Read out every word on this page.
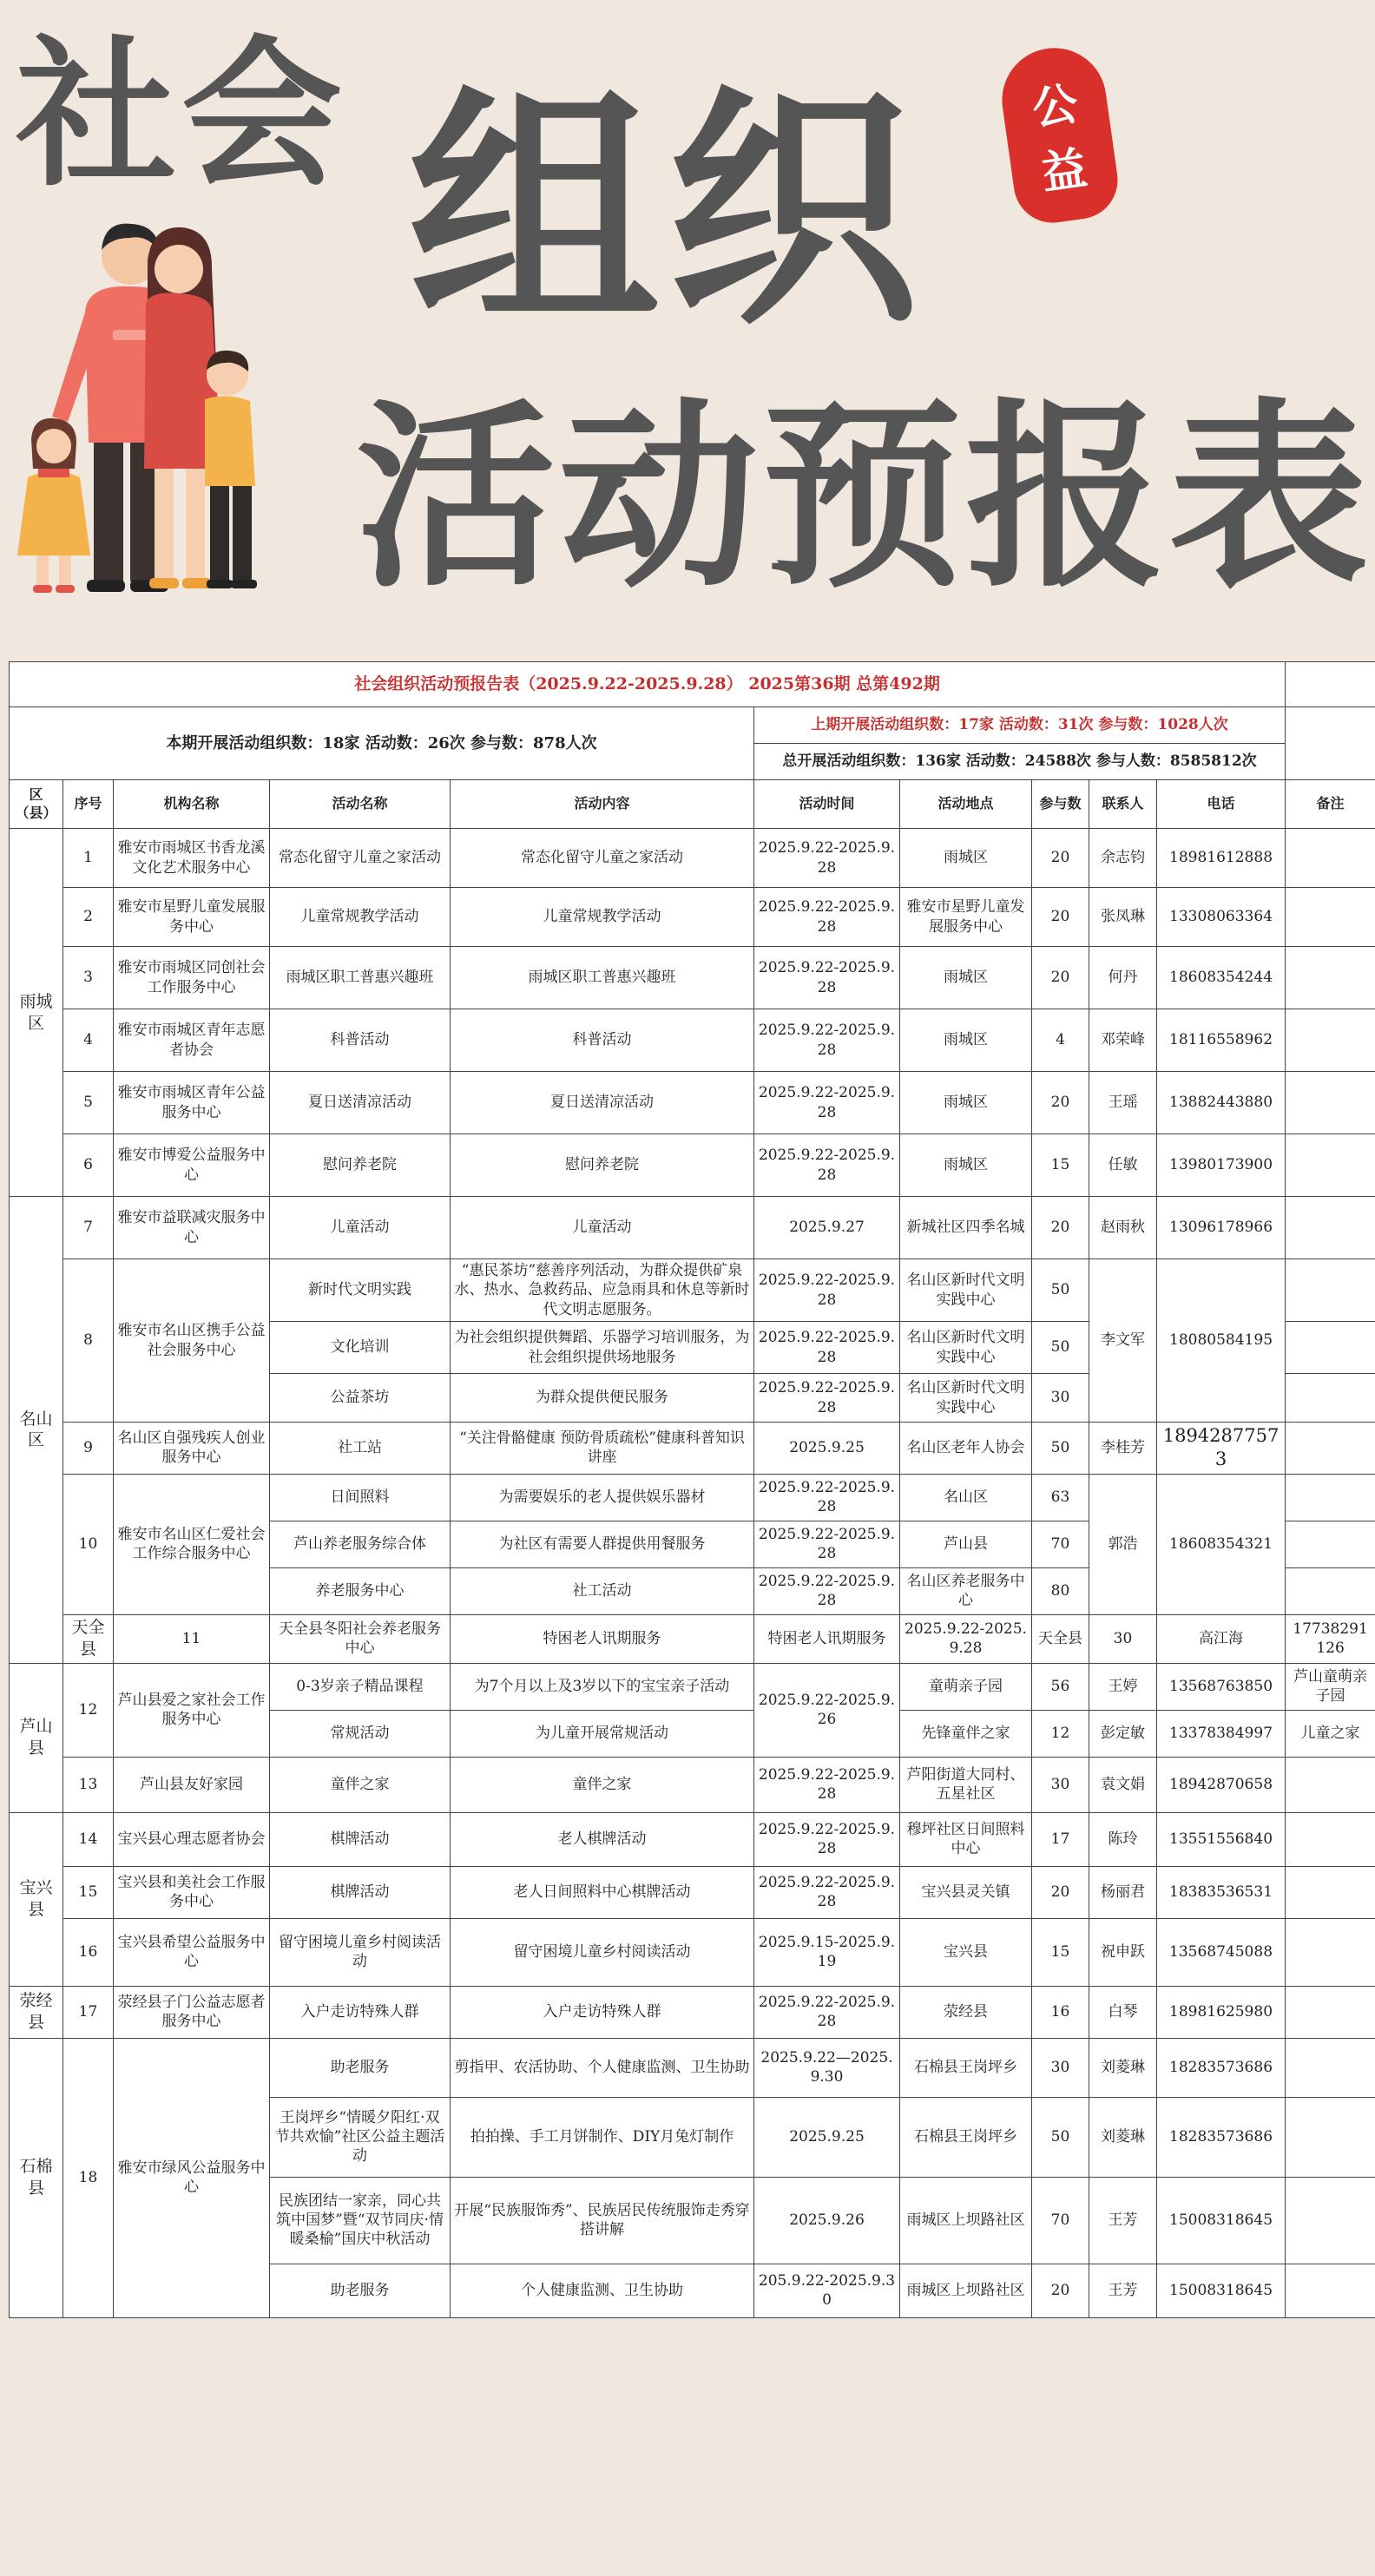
社会 组织
活动预报表
公
益
社会组织活动预报告表（2025.9.22-2025.9.28） 2025第36期 总第492期											
本期开展活动组织数：18家 活动数：26次 参与数：878人次					上期开展活动组织数：17家 活动数：31次 参与数：1028人次						
					总开展活动组织数：136家 活动数：24588次 参与人数：8585812次						
区（县）	序号	机构名称	活动名称	活动内容	活动时间	活动地点	参与数	联系人	电话	备注	
雨城区	1	雅安市雨城区书香龙溪文化艺术服务中心	常态化留守儿童之家活动	常态化留守儿童之家活动	2025.9.22-2025.9.28	雨城区	20	余志钧	18981612888		
	2	雅安市星野儿童发展服务中心	儿童常规教学活动	儿童常规教学活动	2025.9.22-2025.9.28	雅安市星野儿童发展服务中心	20	张凤琳	13308063364		
	3	雅安市雨城区同创社会工作服务中心	雨城区职工普惠兴趣班	雨城区职工普惠兴趣班	2025.9.22-2025.9.28	雨城区	20	何丹	18608354244		
	4	雅安市雨城区青年志愿者协会	科普活动	科普活动	2025.9.22-2025.9.28	雨城区	4	邓荣峰	18116558962		
	5	雅安市雨城区青年公益服务中心	夏日送清凉活动	夏日送清凉活动	2025.9.22-2025.9.28	雨城区	20	王瑶	13882443880		
	6	雅安市博爱公益服务中心	慰问养老院	慰问养老院	2025.9.22-2025.9.28	雨城区	15	任敏	13980173900		
名山区	7	雅安市益联减灾服务中心	儿童活动	儿童活动	2025.9.27	新城社区四季名城	20	赵雨秋	13096178966		
	8	雅安市名山区携手公益社会服务中心	新时代文明实践	“惠民茶坊”慈善序列活动，为群众提供矿泉水、热水、急救药品、应急雨具和休息等新时代文明志愿服务。	2025.9.22-2025.9.28	名山区新时代文明实践中心	50	李文军	18080584195		
			文化培训	为社会组织提供舞蹈、乐器学习培训服务，为社会组织提供场地服务	2025.9.22-2025.9.28	名山区新时代文明实践中心	50				
			公益茶坊	为群众提供便民服务	2025.9.22-2025.9.28	名山区新时代文明实践中心	30				
	9	名山区自强残疾人创业服务中心	社工站	“关注骨骼健康 预防骨质疏松”健康科普知识讲座	2025.9.25	名山区老年人协会	50	李桂芳	18942877573		
	10	雅安市名山区仁爱社会工作综合服务中心	日间照料	为需要娱乐的老人提供娱乐器材	2025.9.22-2025.9.28	名山区	63	郭浩	18608354321		
			芦山养老服务综合体	为社区有需要人群提供用餐服务	2025.9.22-2025.9.28	芦山县	70				
			养老服务中心	社工活动	2025.9.22-2025.9.28	名山区养老服务中心	80				
	天全县	11	天全县冬阳社会养老服务中心	特困老人讯期服务	特困老人讯期服务	2025.9.22-2025.9.28	天全县	30	高江海	17738291126	
芦山县	12	芦山县爱之家社会工作服务中心	0-3岁亲子精品课程	为7个月以上及3岁以下的宝宝亲子活动	2025.9.22-2025.9.26	童萌亲子园	56	王婷	13568763850	芦山童萌亲子园	
			常规活动	为儿童开展常规活动		先锋童伴之家	12	彭定敏	13378384997	儿童之家	
	13	芦山县友好家园	童伴之家	童伴之家	2025.9.22-2025.9.28	芦阳街道大同村、五星社区	30	袁文娟	18942870658		
宝兴县	14	宝兴县心理志愿者协会	棋牌活动	老人棋牌活动	2025.9.22-2025.9.28	穆坪社区日间照料中心	17	陈玲	13551556840		
	15	宝兴县和美社会工作服务中心	棋牌活动	老人日间照料中心棋牌活动	2025.9.22-2025.9.28	宝兴县灵关镇	20	杨丽君	18383536531		
	16	宝兴县希望公益服务中心	留守困境儿童乡村阅读活动	留守困境儿童乡村阅读活动	2025.9.15-2025.9.19	宝兴县	15	祝申跃	13568745088		
荥经县	17	荥经县子门公益志愿者服务中心	入户走访特殊人群	入户走访特殊人群	2025.9.22-2025.9.28	荥经县	16	白琴	18981625980		
石棉县	18	雅安市绿风公益服务中心	助老服务	剪指甲、农活协助、个人健康监测、卫生协助	2025.9.22—2025.9.30	石棉县王岗坪乡	30	刘菱琳	18283573686		
			王岗坪乡“情暖夕阳红·双节共欢愉”社区公益主题活动	拍拍操、手工月饼制作、DIY月兔灯制作	2025.9.25	石棉县王岗坪乡	50	刘菱琳	18283573686		
			民族团结一家亲，同心共筑中国梦”暨“双节同庆·情暖桑榆”国庆中秋活动	开展“民族服饰秀”、民族居民传统服饰走秀穿搭讲解	2025.9.26	雨城区上坝路社区	70	王芳	15008318645		
			助老服务	个人健康监测、卫生协助	205.9.22-2025.9.30	雨城区上坝路社区	20	王芳	15008318645		
